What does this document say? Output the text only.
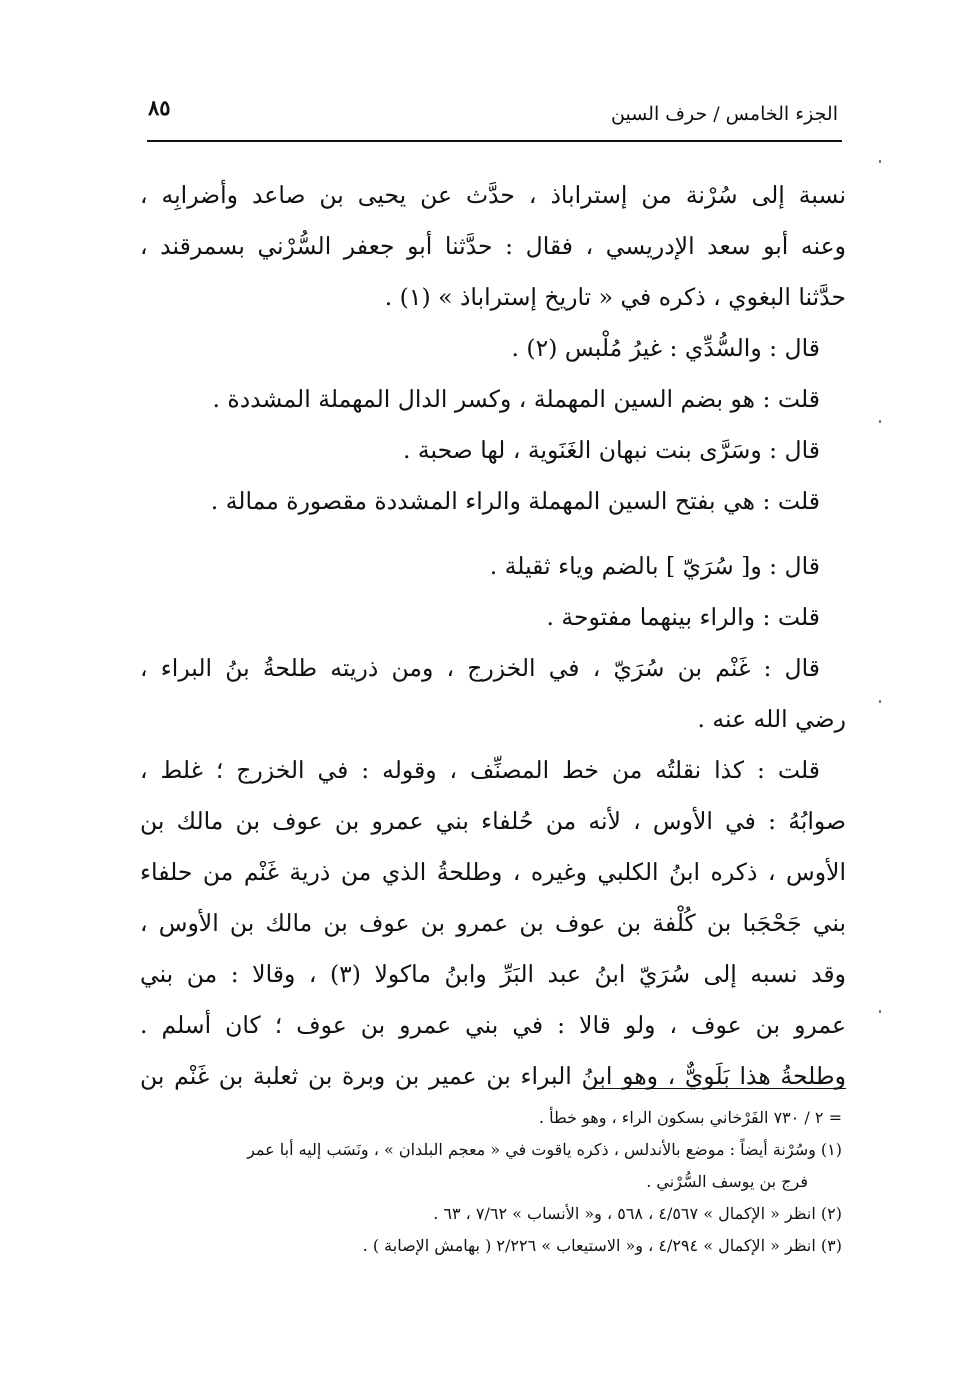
الجزء الخامس / حرف السين
٨٥
نسبة إلى سُرْنة من إستراباذ ، حدَّث عن يحيى بن صاعد وأضرابِه ،
وعنه أبو سعد الإدريسي ، فقال : حدَّثنا أبو جعفر السُّرْني بسمرقند ،
حدَّثنا البغوي ، ذكره في « تاريخ إستراباذ » (١) .
قال : والسُّدِّي : غيرُ مُلْبس (٢) .
قلت : هو بضم السين المهملة ، وكسر الدال المهملة المشددة .
قال : وسَرَّى بنت نبهان الغَنَوية ، لها صحبة .
قلت : هي بفتح السين المهملة والراء المشددة مقصورة ممالة .
قال : و[ سُرَيّ ] بالضم وياء ثقيلة .
قلت : والراء بينهما مفتوحة .
قال : غَنْم بن سُرَيّ ، في الخزرج ، ومن ذريته طلحةُ بنُ البراء ،
رضي الله عنه .
قلت : كذا نقلتُه من خط المصنِّف ، وقوله : في الخزرج ؛ غلط ،
صوابُهُ : في الأوس ، لأنه من حُلفاء بني عمرو بن عوف بن مالك بن
الأوس ، ذكره ابنُ الكلبي وغيره ، وطلحةُ الذي من ذرية غَنْم من حلفاء
بني جَحْجَبا بن كُلْفة بن عوف بن عمرو بن عوف بن مالك بن الأوس ،
وقد نسبه إلى سُرَيّ ابنُ عبد البَرِّ وابنُ ماكولا (٣) ، وقالا : من بني
عمرو بن عوف ، ولو قالا : في بني عمرو بن عوف ؛ كان أسلم .
وطلحةُ هذا بَلَويٌّ ، وهو ابنُ البراء بن عمير بن وبرة بن ثعلبة بن غَنْم بن
= ٢ / ٧٣٠ الفَرْخاني بسكون الراء ، وهو خطأ .
(١) وسُرْنة أيضاً : موضع بالأندلس ، ذكره ياقوت في « معجم البلدان » ، ونَسَب إليه أبا عمر
فرج بن يوسف السُّرْني .
(٢) انظر « الإكمال » ٤/٥٦٧ ، ٥٦٨ ، و« الأنساب » ٧/٦٢ ، ٦٣ .
(٣) انظر « الإكمال » ٤/٢٩٤ ، و« الاستيعاب » ٢/٢٢٦ ( بهامش الإصابة ) .
